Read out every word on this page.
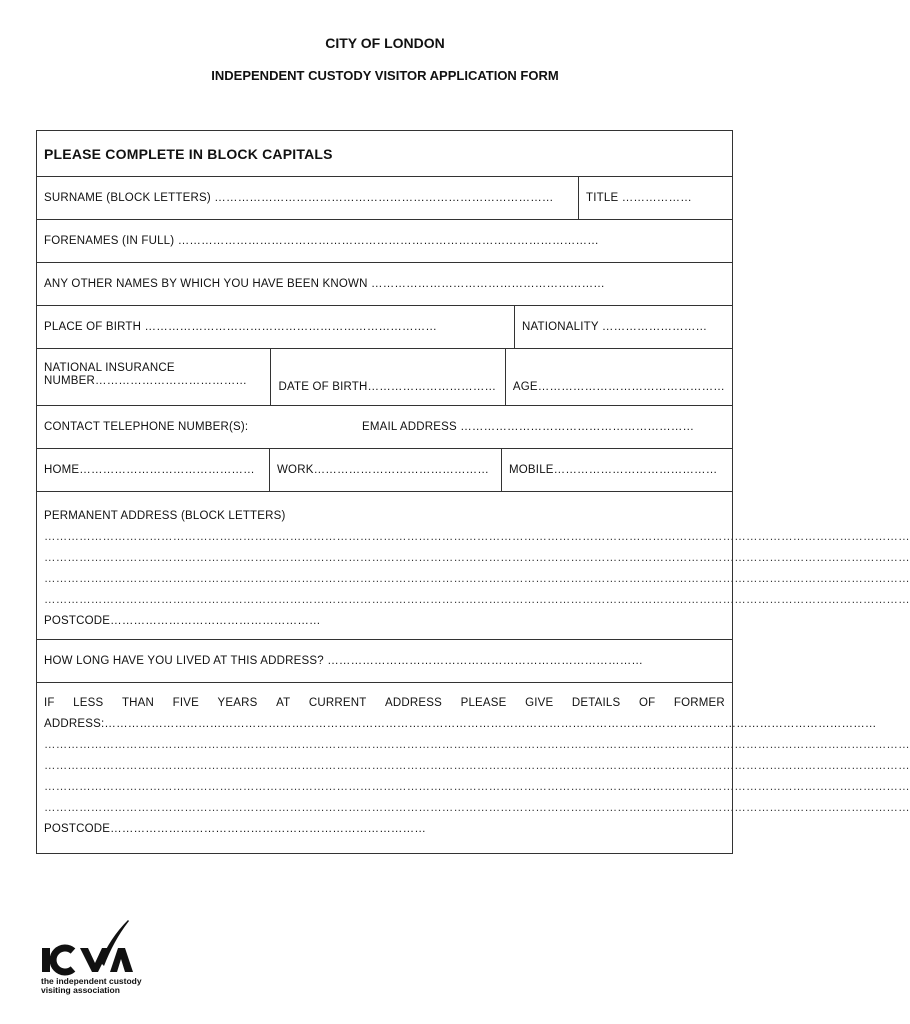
CITY OF LONDON
INDEPENDENT CUSTODY VISITOR APPLICATION FORM
PLEASE COMPLETE IN BLOCK CAPITALS
SURNAME (BLOCK LETTERS) ……………………………………………………………………………	TITLE ………………
FORENAMES (IN FULL) ………………………………………………………………………………………………
ANY OTHER NAMES BY WHICH YOU HAVE BEEN KNOWN ……………………………………………………
PLACE OF BIRTH …………………………………………………………………	NATIONALITY ………………………
NATIONAL INSURANCE
NUMBER…………………………………	DATE OF BIRTH……………………………	AGE…………………………………………
CONTACT TELEPHONE NUMBER(S):	EMAIL ADDRESS ……………………………………………………
HOME………………………………………	WORK………………………………………	MOBILE……………………………………
PERMANENT ADDRESS (BLOCK LETTERS)
……………………………………………………………………………………………………………………………………………………………………………………………………
……………………………………………………………………………………………………………………………………………………………………………………………………
……………………………………………………………………………………………………………………………………………………………………………………………………
……………………………………………………………………………………………………………………………………………………………………………………………………
POSTCODE………………………………………………
HOW LONG HAVE YOU LIVED AT THIS ADDRESS? ………………………………………………………………………
IF LESS THAN FIVE YEARS AT CURRENT ADDRESS PLEASE GIVE DETAILS OF FORMER
ADDRESS:………………………………………………………………………………………………………………………………………………………………………………
……………………………………………………………………………………………………………………………………………………………………………………………………
……………………………………………………………………………………………………………………………………………………………………………………………………
……………………………………………………………………………………………………………………………………………………………………………………………………
……………………………………………………………………………………………………………………………………………………………………………………………………
POSTCODE………………………………………………………………………
the independent custody
visiting association
